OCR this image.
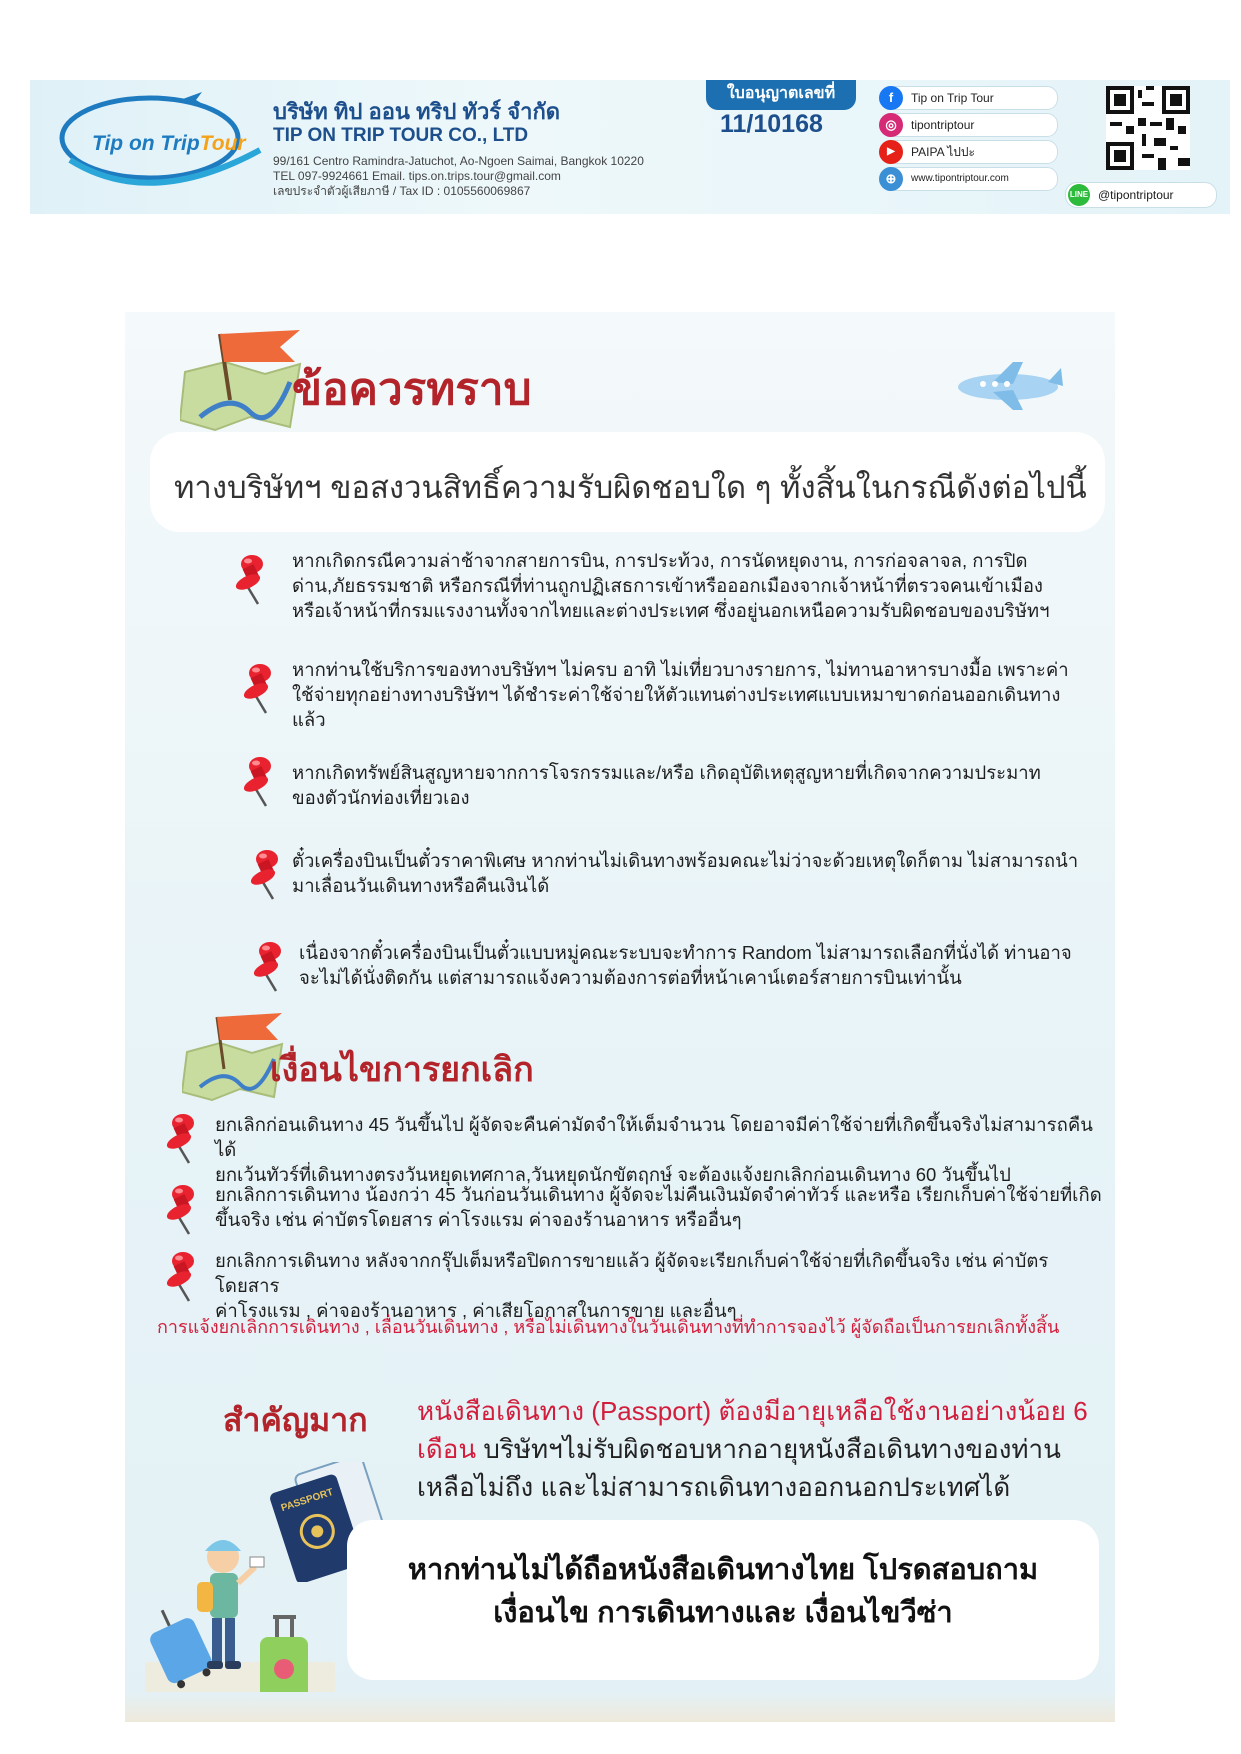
Tip on TripTour
บริษัท ทิป ออน ทริป ทัวร์ จำกัด
TIP ON TRIP TOUR CO., LTD
99/161 Centro Ramindra-Jatuchot, Ao-Ngoen Saimai, Bangkok 10220
TEL 097-9924661 Email. tips.on.trips.tour@gmail.com
เลขประจำตัวผู้เสียภาษี / Tax ID : 0105560069867
ใบอนุญาตเลขที่
11/10168
f	Tip on Trip Tour
◎	tipontriptour
▶	PAIPA ไปปะ
⊕	www.tipontriptour.com
LINE @tipontriptour
ข้อควรทราบ
ทางบริษัทฯ ขอสงวนสิทธิ์ความรับผิดชอบใด ๆ ทั้งสิ้นในกรณีดังต่อไปนี้
หากเกิดกรณีความล่าช้าจากสายการบิน, การประท้วง, การนัดหยุดงาน, การก่อจลาจล, การปิด
ด่าน,ภัยธรรมชาติ หรือกรณีที่ท่านถูกปฏิเสธการเข้าหรือออกเมืองจากเจ้าหน้าที่ตรวจคนเข้าเมือง
หรือเจ้าหน้าที่กรมแรงงานทั้งจากไทยและต่างประเทศ ซึ่งอยู่นอกเหนือความรับผิดชอบของบริษัทฯ
หากท่านใช้บริการของทางบริษัทฯ ไม่ครบ อาทิ ไม่เที่ยวบางรายการ, ไม่ทานอาหารบางมื้อ เพราะค่า
ใช้จ่ายทุกอย่างทางบริษัทฯ ได้ชำระค่าใช้จ่ายให้ตัวแทนต่างประเทศแบบเหมาขาดก่อนออกเดินทาง
แล้ว
หากเกิดทรัพย์สินสูญหายจากการโจรกรรมและ/หรือ เกิดอุบัติเหตุสูญหายที่เกิดจากความประมาท
ของตัวนักท่องเที่ยวเอง
ตั๋วเครื่องบินเป็นตั๋วราคาพิเศษ หากท่านไม่เดินทางพร้อมคณะไม่ว่าจะด้วยเหตุใดก็ตาม ไม่สามารถนำ
มาเลื่อนวันเดินทางหรือคืนเงินได้
เนื่องจากตั๋วเครื่องบินเป็นตั๋วแบบหมู่คณะระบบจะทำการ Random ไม่สามารถเลือกที่นั่งได้ ท่านอาจ
จะไม่ได้นั่งติดกัน แต่สามารถแจ้งความต้องการต่อที่หน้าเคาน์เตอร์สายการบินเท่านั้น
เงื่อนไขการยกเลิก
ยกเลิกก่อนเดินทาง 45 วันขึ้นไป ผู้จัดจะคืนค่ามัดจำให้เต็มจำนวน โดยอาจมีค่าใช้จ่ายที่เกิดขึ้นจริงไม่สามารถคืนได้
ยกเว้นทัวร์ที่เดินทางตรงวันหยุดเทศกาล,วันหยุดนักขัตฤกษ์ จะต้องแจ้งยกเลิกก่อนเดินทาง 60 วันขึ้นไป
ยกเลิกการเดินทาง น้องกว่า 45 วันก่อนวันเดินทาง ผู้จัดจะไม่คืนเงินมัดจำค่าทัวร์ และหรือ เรียกเก็บค่าใช้จ่ายที่เกิด
ขึ้นจริง เช่น ค่าบัตรโดยสาร ค่าโรงแรม ค่าจองร้านอาหาร หรืออื่นๆ
ยกเลิกการเดินทาง หลังจากกรุ๊ปเต็มหรือปิดการขายแล้ว ผู้จัดจะเรียกเก็บค่าใช้จ่ายที่เกิดขึ้นจริง เช่น ค่าบัตรโดยสาร
ค่าโรงแรม , ค่าจองร้านอาหาร , ค่าเสียโอกาสในการขาย และอื่นๆ
การแจ้งยกเลิกการเดินทาง , เลื่อนวันเดินทาง , หรือไม่เดินทางในวันเดินทางที่ทำการจองไว้ ผู้จัดถือเป็นการยกเลิกทั้งสิ้น
สำคัญมาก หนังสือเดินทาง (Passport) ต้องมีอายุเหลือใช้งานอย่างน้อย 6 เดือน บริษัทฯไม่รับผิดชอบหากอายุหนังสือเดินทางของท่านเหลือไม่ถึง และไม่สามารถเดินทางออกนอกประเทศได้
PASSPORT
หากท่านไม่ได้ถือหนังสือเดินทางไทย โปรดสอบถาม
เงื่อนไข การเดินทางและ เงื่อนไขวีซ่า
